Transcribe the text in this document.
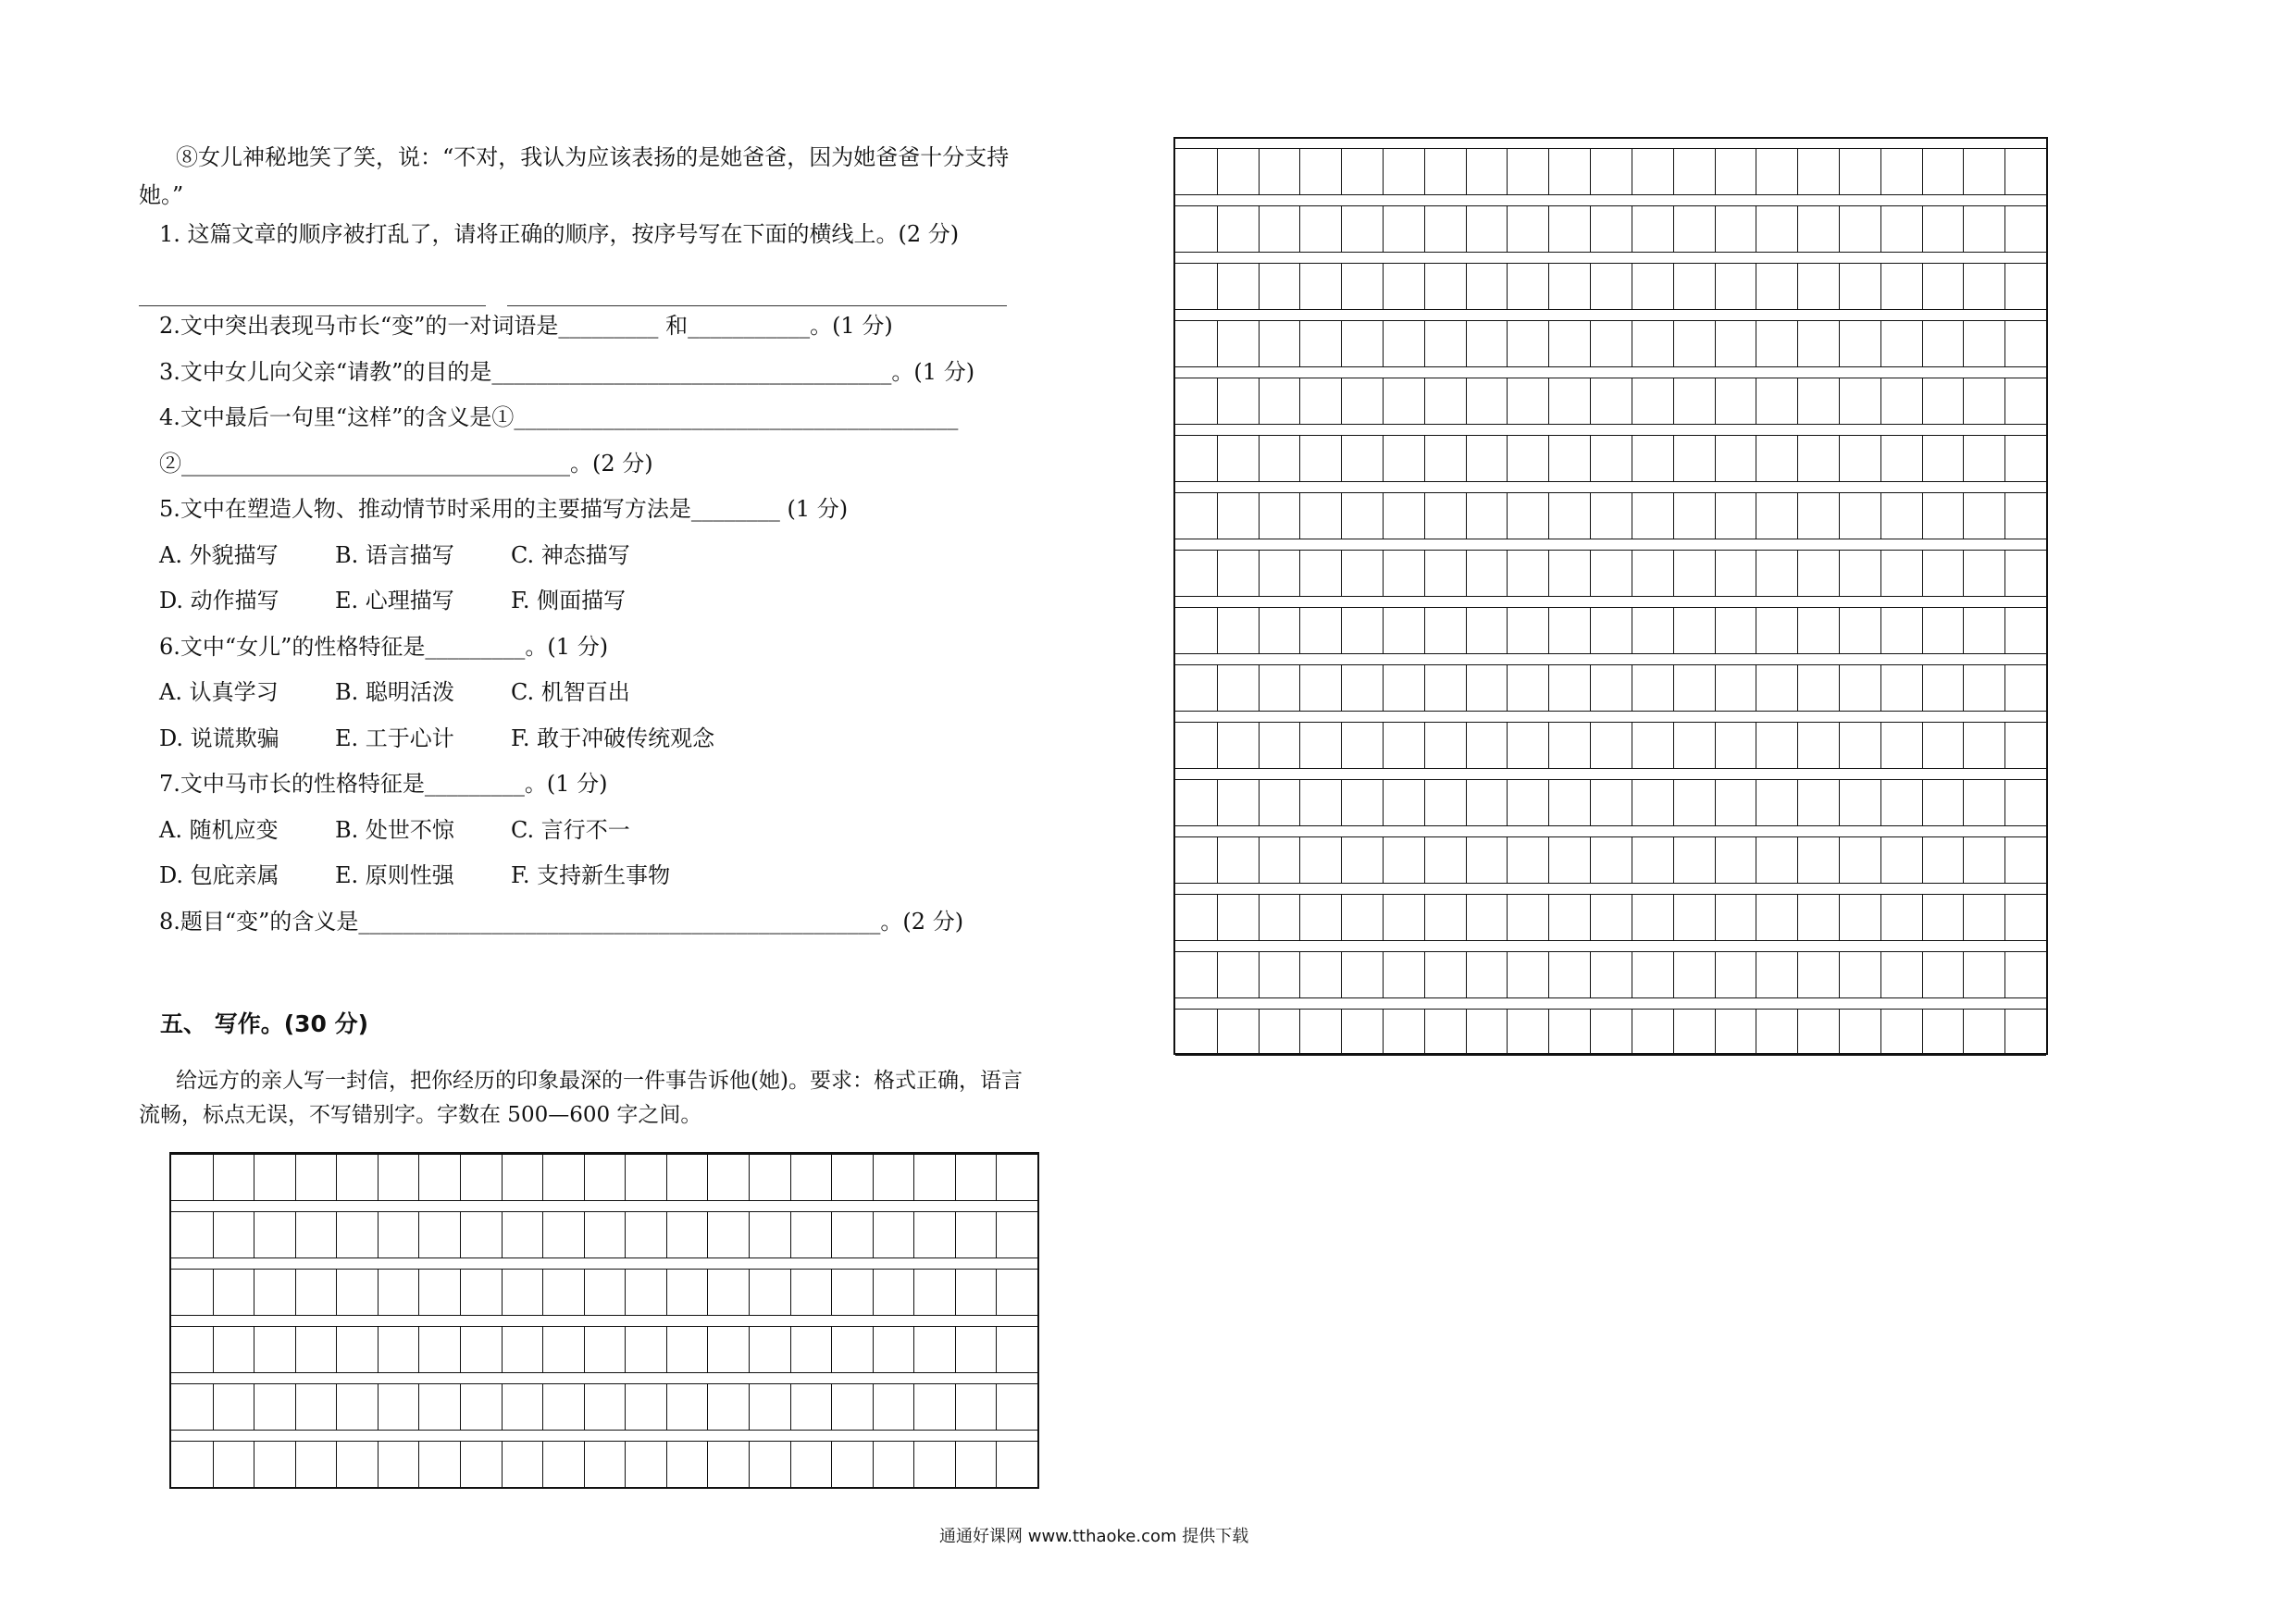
⑧女儿神秘地笑了笑，说：“不对，我认为应该表扬的是她爸爸，因为她爸爸十分支持她。”
1. 这篇文章的顺序被打乱了，请将正确的顺序，按序号写在下面的横线上。(2 分)
2.文中突出表现马市长“变”的一对词语是_________ 和___________。(1 分)
3.文中女儿向父亲“请教”的目的是____________________________________。(1 分)
4.文中最后一句里“这样”的含义是①________________________________________
②___________________________________。(2 分)
5.文中在塑造人物、推动情节时采用的主要描写方法是________ (1 分)
A. 外貌描写	B. 语言描写	C. 神态描写
D. 动作描写	E. 心理描写	F. 侧面描写
6.文中“女儿”的性格特征是_________。(1 分)
A. 认真学习	B. 聪明活泼	C. 机智百出
D. 说谎欺骗	E. 工于心计	F. 敢于冲破传统观念
7.文中马市长的性格特征是_________。(1 分)
A. 随机应变	B. 处世不惊	C. 言行不一
D. 包庇亲属	E. 原则性强	F. 支持新生事物
8.题目“变”的含义是_______________________________________________。(2 分)
五、 写作。(30 分)
给远方的亲人写一封信，把你经历的印象最深的一件事告诉他(她)。要求：格式正确，语言流畅，标点无误，不写错别字。字数在 500—600 字之间。
通通好课网 www.tthaoke.com 提供下载
